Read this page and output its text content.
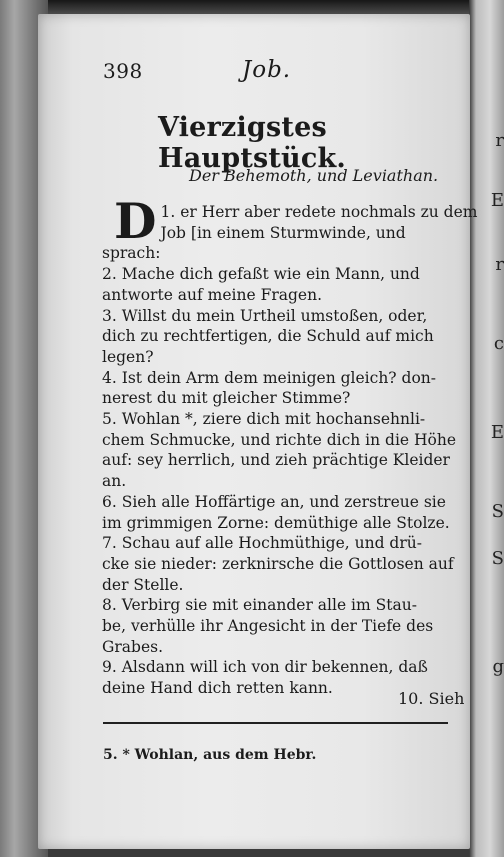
r
E
r
c
E
S
S
g
398	Job.
Vierzigstes Hauptstück.
Der Behemoth, und Leviathan.
D 1. er Herr aber redete nochmals zu dem
Job [in einem Sturmwinde, und
sprach:
2. Mache dich gefaßt wie ein Mann, und
antworte auf meine Fragen.
3. Willst du mein Urtheil umstoßen, oder,
dich zu rechtfertigen, die Schuld auf mich
legen?
4. Ist dein Arm dem meinigen gleich? don-
nerest du mit gleicher Stimme?
5. Wohlan *, ziere dich mit hochansehnli-
chem Schmucke, und richte dich in die Höhe
auf: sey herrlich, und zieh prächtige Kleider
an.
6. Sieh alle Hoffärtige an, und zerstreue sie
im grimmigen Zorne: demüthige alle Stolze.
7. Schau auf alle Hochmüthige, und drü-
cke sie nieder: zerknirsche die Gottlosen auf
der Stelle.
8. Verbirg sie mit einander alle im Stau-
be, verhülle ihr Angesicht in der Tiefe des
Grabes.
9. Alsdann will ich von dir bekennen, daß
deine Hand dich retten kann.
10. Sieh
5. * Wohlan, aus dem Hebr.
